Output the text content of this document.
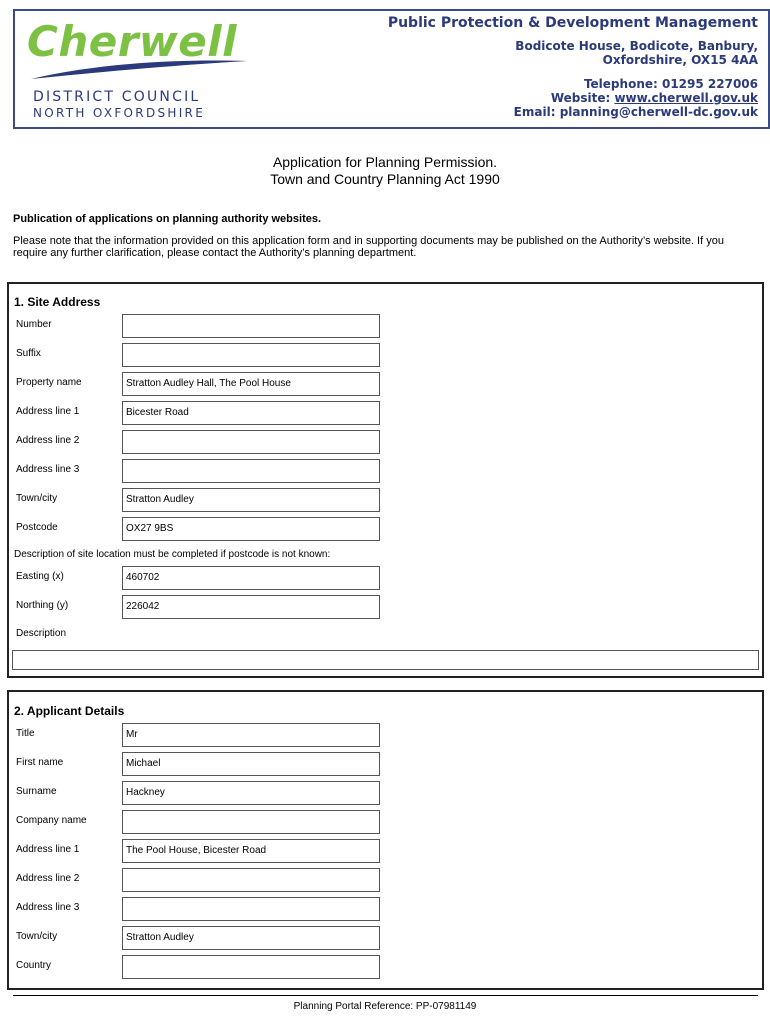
Cherwell
DISTRICT COUNCIL
NORTH OXFORDSHIRE
Public Protection & Development Management
Bodicote House, Bodicote, Banbury,
Oxfordshire, OX15 4AA
Telephone: 01295 227006
Website: www.cherwell.gov.uk
Email: planning@cherwell-dc.gov.uk
Application for Planning Permission.
Town and Country Planning Act 1990
Publication of applications on planning authority websites.
Please note that the information provided on this application form and in supporting documents may be published on the Authority’s website. If you require any further clarification, please contact the Authority’s planning department.
1. Site Address
Number
Suffix
Property name	Stratton Audley Hall, The Pool House
Address line 1	Bicester Road
Address line 2
Address line 3
Town/city	Stratton Audley
Postcode	OX27 9BS
Description of site location must be completed if postcode is not known:
Easting (x)	460702
Northing (y)	226042
Description
2. Applicant Details
Title	Mr
First name	Michael
Surname	Hackney
Company name
Address line 1	The Pool House, Bicester Road
Address line 2
Address line 3
Town/city	Stratton Audley
Country
Planning Portal Reference: PP-07981149
